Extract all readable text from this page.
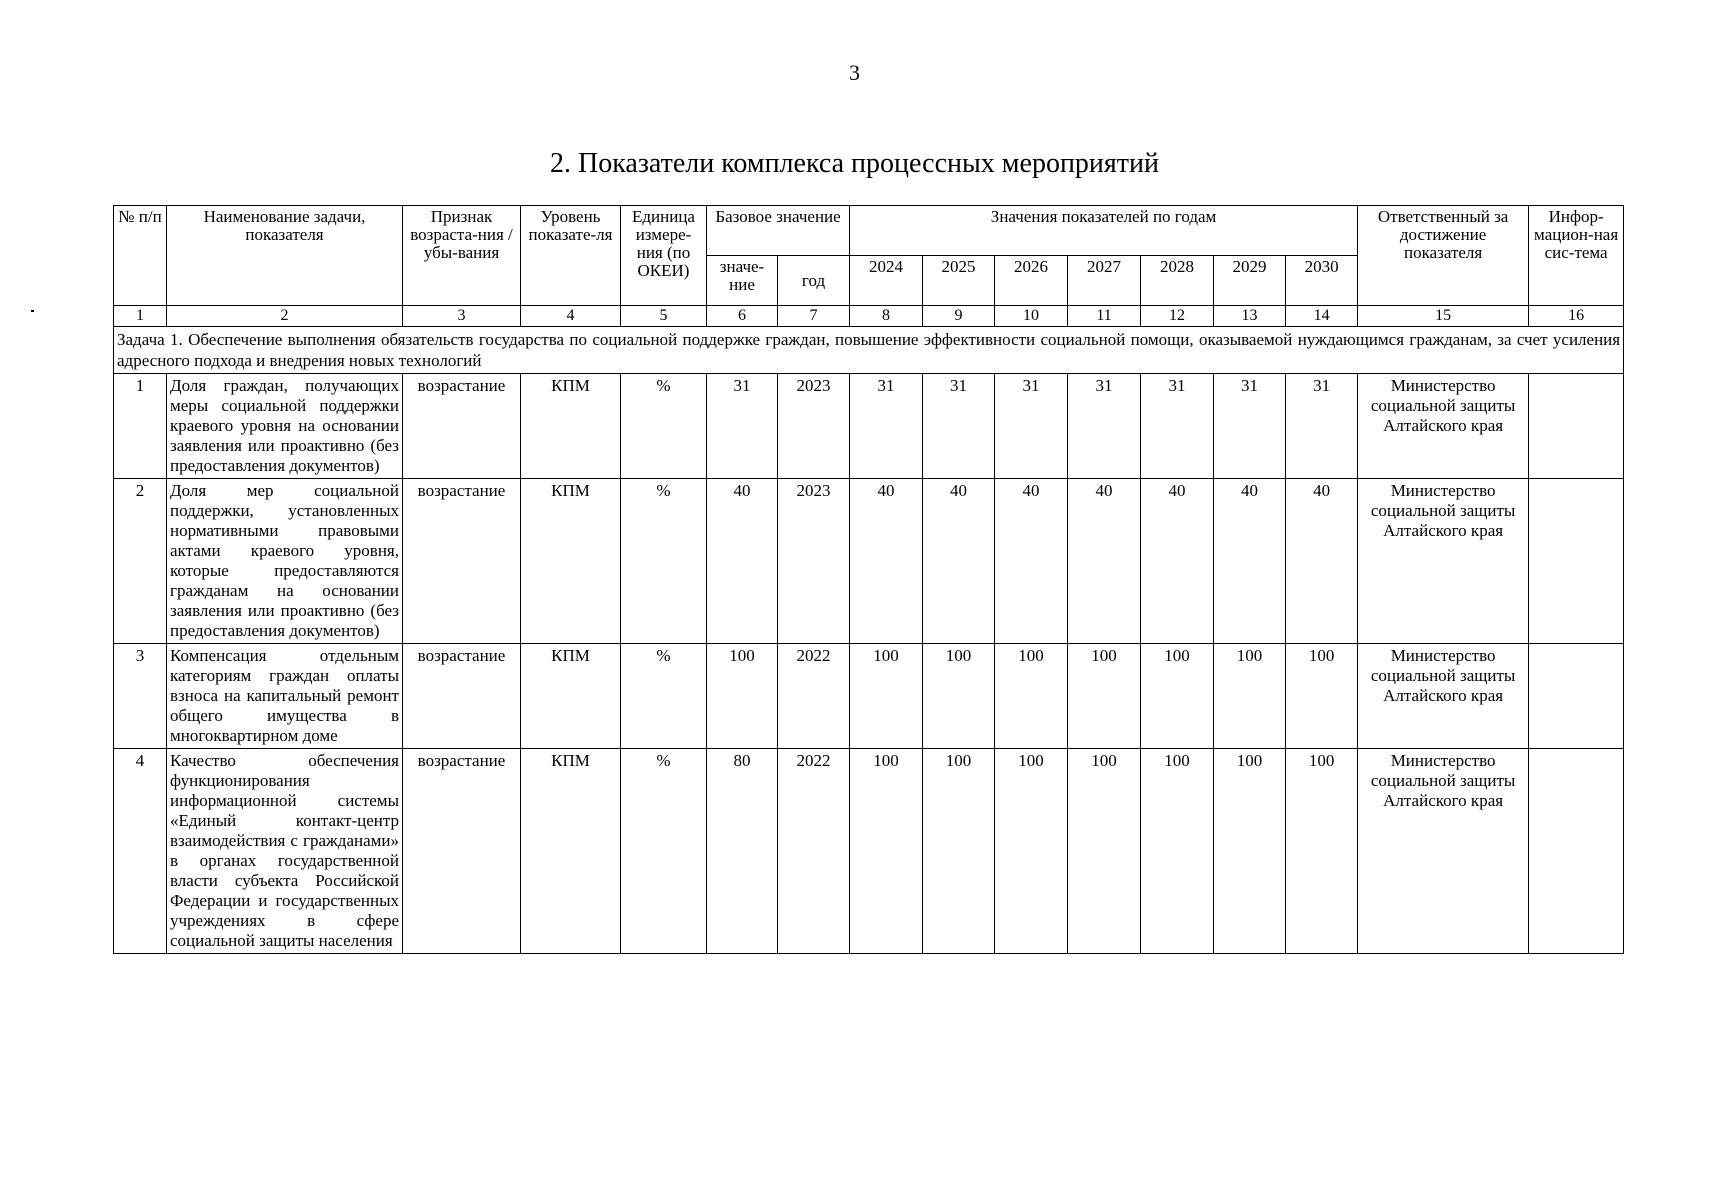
3
2. Показатели комплекса процессных мероприятий
№ п/п	Наименование задачи, показателя	Признак возраста-ния / убы-вания	Уровень показате-ля	Единица измере-ния (по ОКЕИ)	Базовое значение		Значения показателей по годам							Ответственный за достижение показателя	Инфор-мацион-ная сис-тема
					значе-ние	год	2024	2025	2026	2027	2028	2029	2030		
1	2	3	4	5	6	7	8	9	10	11	12	13	14	15	16
Задача 1. Обеспечение выполнения обязательств государства по социальной поддержке граждан, повышение эффективности социальной помощи, оказываемой нуждающимся гражданам, за счет усиления адресного подхода и внедрения новых технологий															
1	Доля граждан, получающих меры социальной поддержки краевого уровня на основании заявления или проактивно (без предоставления документов)	возрастание	КПМ	%	31	2023	31	31	31	31	31	31	31	Министерство социальной защиты Алтайского края	
2	Доля мер социальной поддержки, установленных нормативными правовыми актами краевого уровня, которые предоставляются гражданам на основании заявления или проактивно (без предоставления документов)	возрастание	КПМ	%	40	2023	40	40	40	40	40	40	40	Министерство социальной защиты Алтайского края	
3	Компенсация отдельным категориям граждан оплаты взноса на капитальный ремонт общего имущества в многоквартирном доме	возрастание	КПМ	%	100	2022	100	100	100	100	100	100	100	Министерство социальной защиты Алтайского края	
4	Качество обеспечения функционирования информационной системы «Единый контакт-центр взаимодействия с гражданами» в органах государственной власти субъекта Российской Федерации и государственных учреждениях в сфере социальной защиты населения	возрастание	КПМ	%	80	2022	100	100	100	100	100	100	100	Министерство социальной защиты Алтайского края	
